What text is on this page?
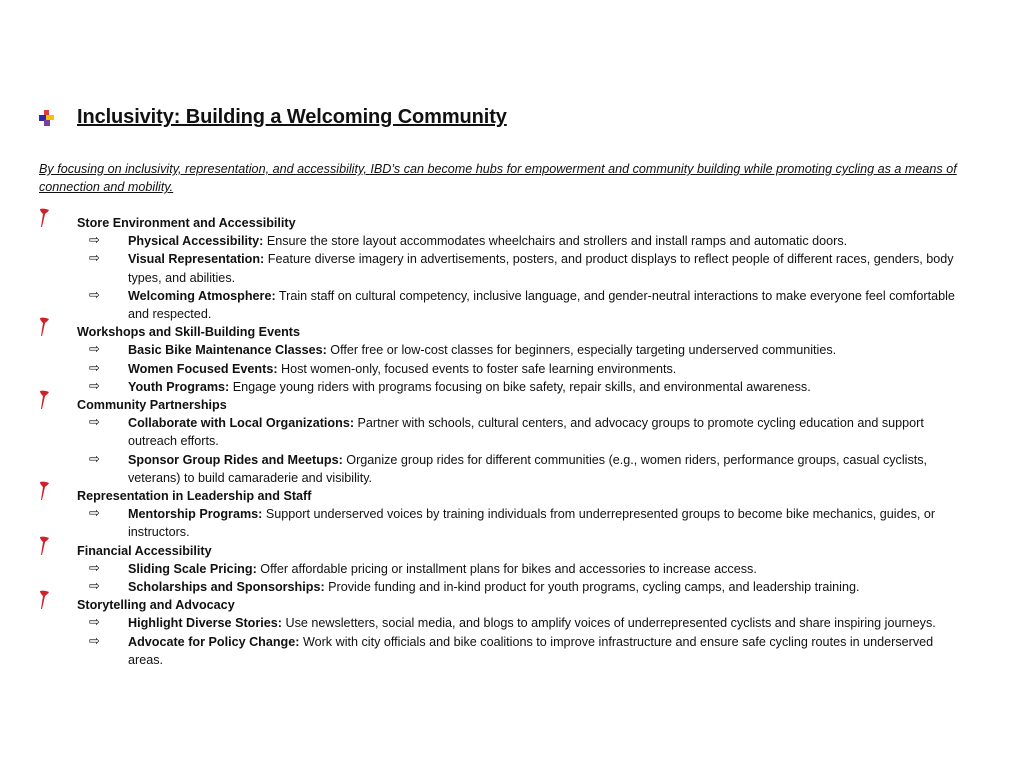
Inclusivity: Building a Welcoming Community
By focusing on inclusivity, representation, and accessibility, IBD’s can become hubs for empowerment and community building while promoting cycling as a means of connection and mobility.
Store Environment and Accessibility
⇨ Physical Accessibility: Ensure the store layout accommodates wheelchairs and strollers and install ramps and automatic doors.
⇨ Visual Representation: Feature diverse imagery in advertisements, posters, and product displays to reflect people of different races, genders, body types, and abilities.
⇨ Welcoming Atmosphere: Train staff on cultural competency, inclusive language, and gender-neutral interactions to make everyone feel comfortable and respected.
Workshops and Skill-Building Events
⇨ Basic Bike Maintenance Classes: Offer free or low-cost classes for beginners, especially targeting underserved communities.
⇨ Women Focused Events: Host women-only, focused events to foster safe learning environments.
⇨ Youth Programs: Engage young riders with programs focusing on bike safety, repair skills, and environmental awareness.
Community Partnerships
⇨ Collaborate with Local Organizations: Partner with schools, cultural centers, and advocacy groups to promote cycling education and support outreach efforts.
⇨ Sponsor Group Rides and Meetups: Organize group rides for different communities (e.g., women riders, performance groups, casual cyclists, veterans) to build camaraderie and visibility.
Representation in Leadership and Staff
⇨ Mentorship Programs: Support underserved voices by training individuals from underrepresented groups to become bike mechanics, guides, or instructors.
Financial Accessibility
⇨ Sliding Scale Pricing: Offer affordable pricing or installment plans for bikes and accessories to increase access.
⇨ Scholarships and Sponsorships: Provide funding and in-kind product for youth programs, cycling camps, and leadership training.
Storytelling and Advocacy
⇨ Highlight Diverse Stories: Use newsletters, social media, and blogs to amplify voices of underrepresented cyclists and share inspiring journeys.
⇨ Advocate for Policy Change: Work with city officials and bike coalitions to improve infrastructure and ensure safe cycling routes in underserved areas.
